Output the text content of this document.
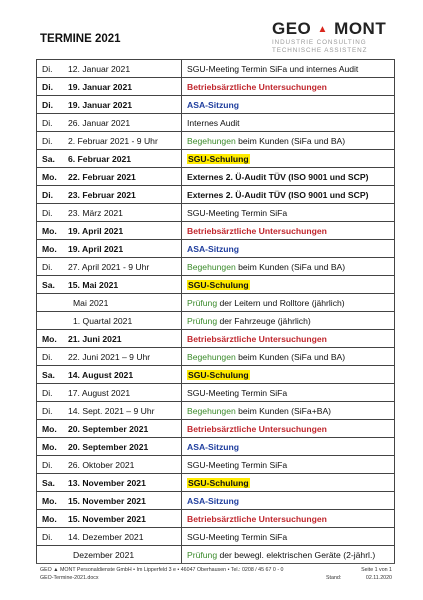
TERMINE 2021
GEO ▲ MONT
INDUSTRIE CONSULTING
TECHNISCHE ASSISTENZ
Di. 12. Januar 2021	SGU-Meeting Termin SiFa und internes Audit
Di. 19. Januar 2021	Betriebsärztliche Untersuchungen
Di. 19. Januar 2021	ASA-Sitzung
Di. 26. Januar 2021	Internes Audit
Di. 2. Februar 2021 - 9 Uhr	Begehungen beim Kunden (SiFa und BA)
Sa. 6. Februar 2021	SGU-Schulung
Mo. 22. Februar 2021	Externes 2. Ü-Audit TÜV (ISO 9001 und SCP)
Di. 23. Februar 2021	Externes 2. Ü-Audit TÜV (ISO 9001 und SCP)
Di. 23. März 2021	SGU-Meeting Termin SiFa
Mo. 19. April 2021	Betriebsärztliche Untersuchungen
Mo. 19. April 2021	ASA-Sitzung
Di. 27. April 2021 - 9 Uhr	Begehungen beim Kunden (SiFa und BA)
Sa. 15. Mai 2021	SGU-Schulung
Mai 2021	Prüfung der Leitern und Rolltore (jährlich)
1. Quartal 2021	Prüfung der Fahrzeuge (jährlich)
Mo. 21. Juni 2021	Betriebsärztliche Untersuchungen
Di. 22. Juni 2021 – 9 Uhr	Begehungen beim Kunden (SiFa und BA)
Sa. 14. August 2021	SGU-Schulung
Di. 17. August 2021	SGU-Meeting Termin SiFa
Di. 14. Sept. 2021 – 9 Uhr	Begehungen beim Kunden (SiFa+BA)
Mo. 20. September 2021	Betriebsärztliche Untersuchungen
Mo. 20. September 2021	ASA-Sitzung
Di. 26. Oktober 2021	SGU-Meeting Termin SiFa
Sa. 13. November 2021	SGU-Schulung
Mo. 15. November 2021	ASA-Sitzung
Mo. 15. November 2021	Betriebsärztliche Untersuchungen
Di. 14. Dezember 2021	SGU-Meeting Termin SiFa
Dezember 2021	Prüfung der bewegl. elektrischen Geräte (2-jährl.)
GEO ▲ MONT Personaldienste GmbH • Im Lipperfeld 3 e • 46047 Oberhausen • Tel.: 0208 / 45 67 0 - 0	Seite 1 von 1
GEO-Termine-2021.docx	Stand:	02.11.2020
